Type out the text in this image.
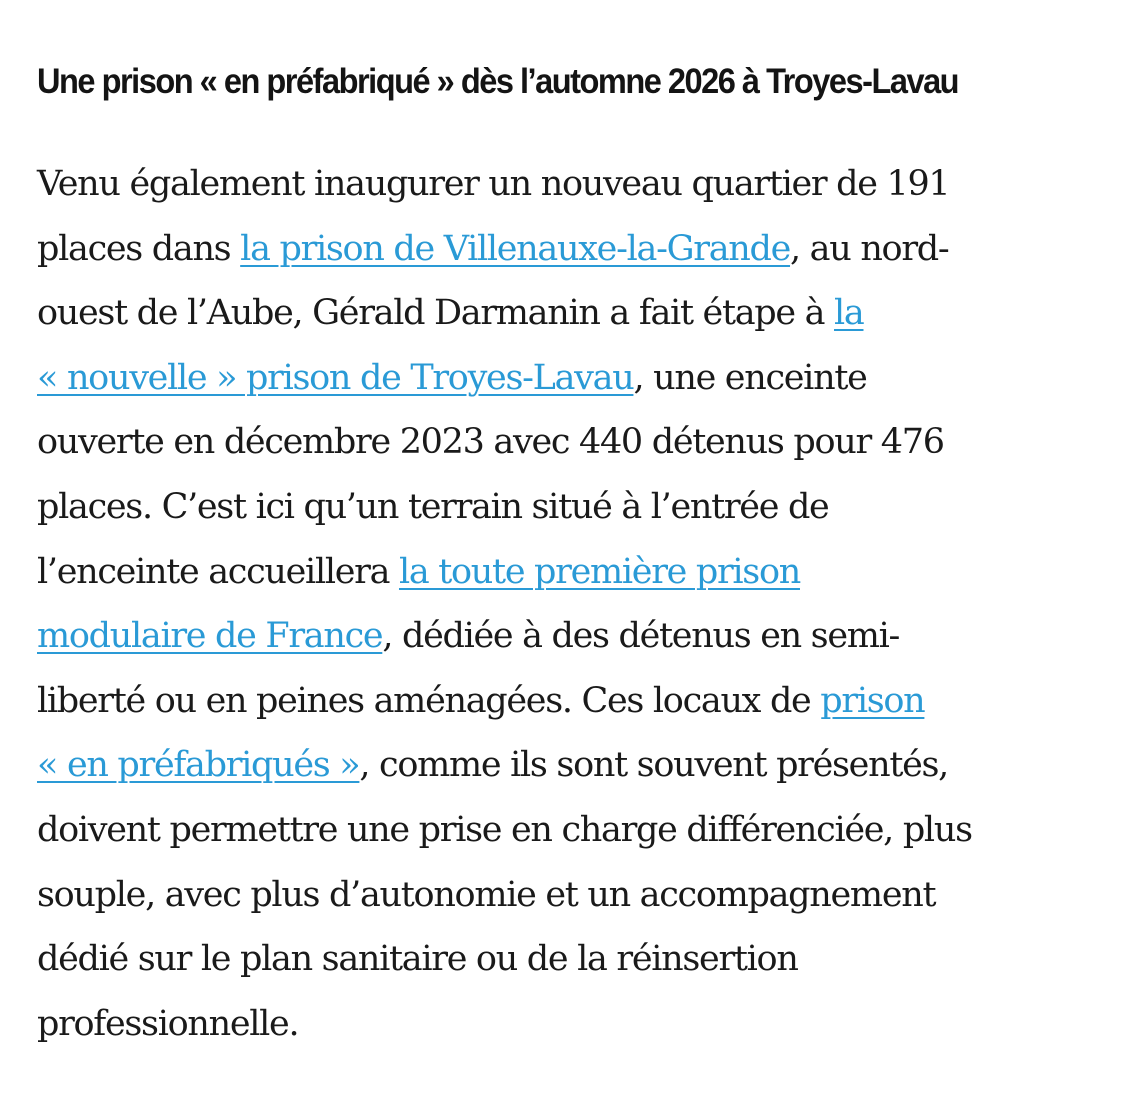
Une prison « en préfabriqué » dès l’automne 2026 à Troyes-Lavau

Venu également inaugurer un nouveau quartier de 191
places dans la prison de Villenauxe-la-Grande, au nord-
ouest de l’Aube, Gérald Darmanin a fait étape à la
« nouvelle » prison de Troyes-Lavau, une enceinte
ouverte en décembre 2023 avec 440 détenus pour 476
places. C’est ici qu’un terrain situé à l’entrée de
l’enceinte accueillera la toute première prison
modulaire de France, dédiée à des détenus en semi-
liberté ou en peines aménagées. Ces locaux de prison
« en préfabriqués », comme ils sont souvent présentés,
doivent permettre une prise en charge différenciée, plus
souple, avec plus d’autonomie et un accompagnement
dédié sur le plan sanitaire ou de la réinsertion
professionnelle.
